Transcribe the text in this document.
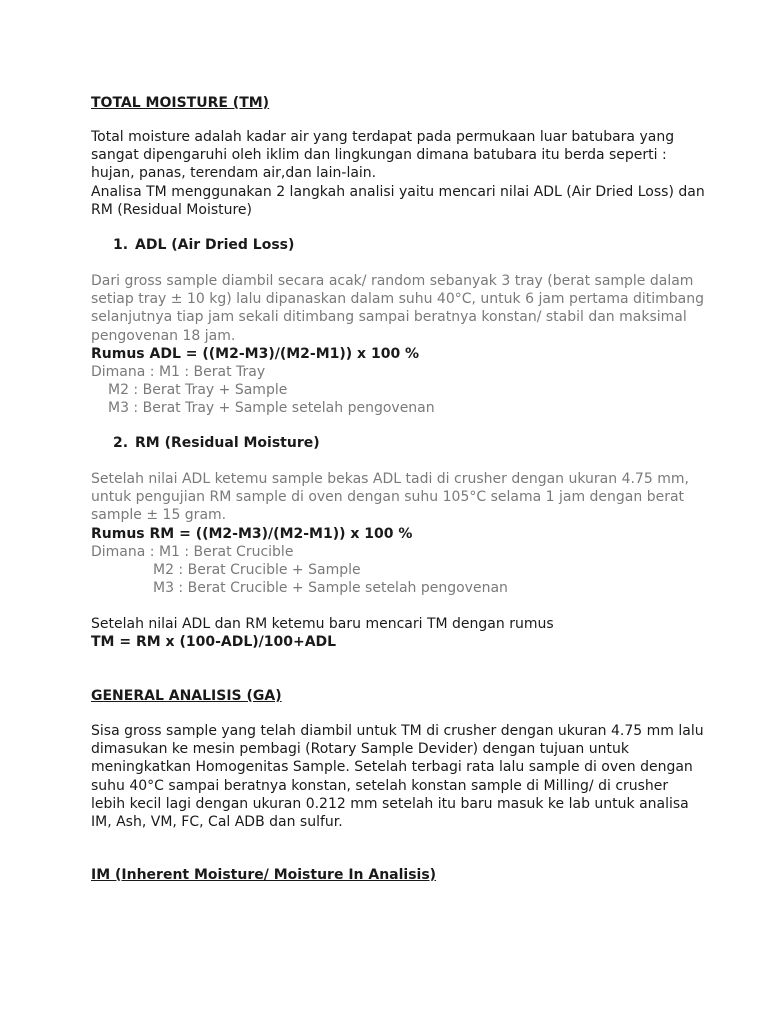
TOTAL MOISTURE (TM)
Total moisture adalah kadar air yang terdapat pada permukaan luar batubara yang
sangat dipengaruhi oleh iklim dan lingkungan dimana batubara itu berda seperti :
hujan, panas, terendam air,dan lain-lain.
Analisa TM menggunakan 2 langkah analisi yaitu mencari nilai ADL (Air Dried Loss) dan
RM (Residual Moisture)
1. ADL (Air Dried Loss)
Dari gross sample diambil secara acak/ random sebanyak 3 tray (berat sample dalam
setiap tray ± 10 kg) lalu dipanaskan dalam suhu 40°C, untuk 6 jam pertama ditimbang
selanjutnya tiap jam sekali ditimbang sampai beratnya konstan/ stabil dan maksimal
pengovenan 18 jam.
Rumus ADL = ((M2-M3)/(M2-M1)) x 100 %
Dimana : M1 : Berat Tray
M2 : Berat Tray + Sample
M3 : Berat Tray + Sample setelah pengovenan
2. RM (Residual Moisture)
Setelah nilai ADL ketemu sample bekas ADL tadi di crusher dengan ukuran 4.75 mm,
untuk pengujian RM sample di oven dengan suhu 105°C selama 1 jam dengan berat
sample ± 15 gram.
Rumus RM = ((M2-M3)/(M2-M1)) x 100 %
Dimana : M1 : Berat Crucible
M2 : Berat Crucible + Sample
M3 : Berat Crucible + Sample setelah pengovenan
Setelah nilai ADL dan RM ketemu baru mencari TM dengan rumus
TM = RM x (100-ADL)/100+ADL
GENERAL ANALISIS (GA)
Sisa gross sample yang telah diambil untuk TM di crusher dengan ukuran 4.75 mm lalu
dimasukan ke mesin pembagi (Rotary Sample Devider) dengan tujuan untuk
meningkatkan Homogenitas Sample. Setelah terbagi rata lalu sample di oven dengan
suhu 40°C sampai beratnya konstan, setelah konstan sample di Milling/ di crusher
lebih kecil lagi dengan ukuran 0.212 mm setelah itu baru masuk ke lab untuk analisa
IM, Ash, VM, FC, Cal ADB dan sulfur.
IM (Inherent Moisture/ Moisture In Analisis)
